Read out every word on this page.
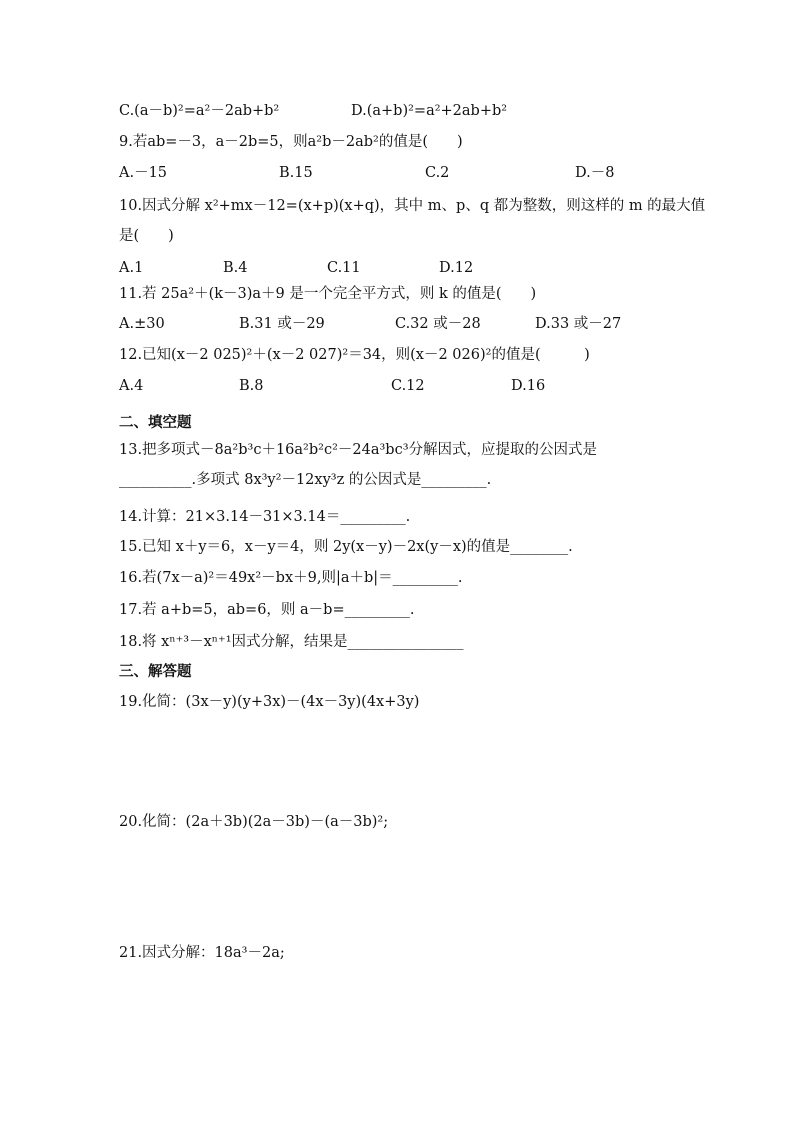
C.(a－b)²=a²－2ab+b²	D.(a+b)²=a²+2ab+b²
9.若ab=－3，a－2b=5，则a²b－2ab²的值是(　　)
A.－15	B.15	C.2	D.－8
10.因式分解 x²+mx－12=(x+p)(x+q)，其中 m、p、q 都为整数，则这样的 m 的最大值
是(　　)
A.1	B.4	C.11	D.12
11.若 25a²＋(k－3)a＋9 是一个完全平方式，则 k 的值是(　　)
A.±30	B.31 或－29	C.32 或－28	D.33 或－27
12.已知(x－2 025)²＋(x－2 027)²＝34，则(x－2 026)²的值是(　　　)
A.4	B.8	C.12	D.16
二、填空题
13.把多项式－8a²b³c＋16a²b²c²－24a³bc³分解因式，应提取的公因式是
__________.多项式 8x³y²－12xy³z 的公因式是_________.
14.计算：21×3.14－31×3.14＝_________.
15.已知 x＋y＝6，x－y＝4，则 2y(x－y)－2x(y－x)的值是________.
16.若(7x－a)²＝49x²－bx＋9,则|a＋b|＝_________.
17.若 a+b=5，ab=6，则 a－b=_________.
18.将 xⁿ⁺³－xⁿ⁺¹因式分解，结果是________________
三、解答题
19.化简：(3x－y)(y+3x)－(4x－3y)(4x+3y)
20.化简：(2a＋3b)(2a－3b)－(a－3b)²;
21.因式分解：18a³－2a;
